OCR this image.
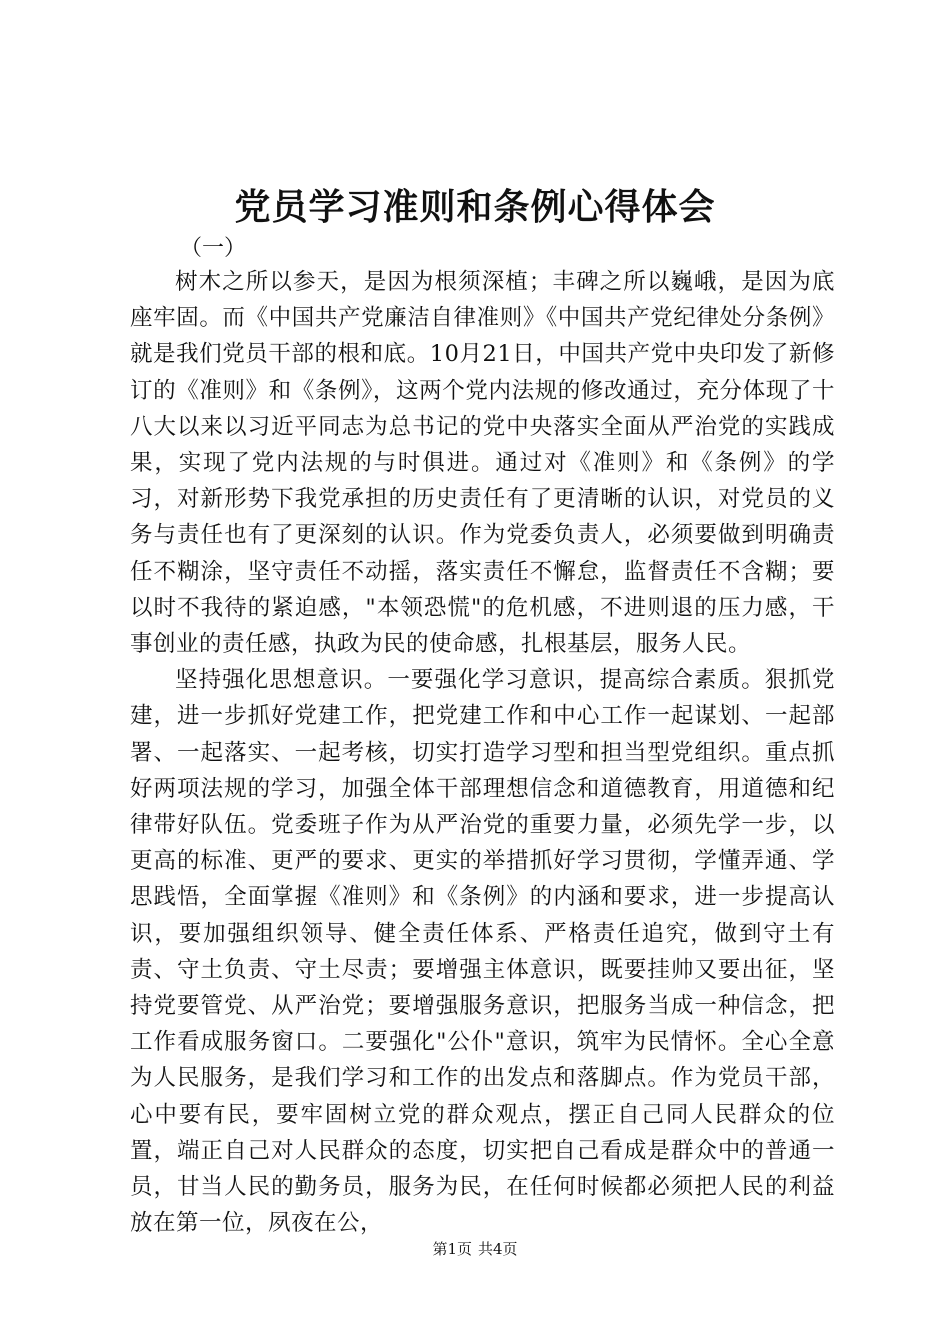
党员学习准则和条例心得体会

（一）

树木之所以参天，是因为根须深植；丰碑之所以巍峨，是因为底座牢固。而《中国共产党廉洁自律准则》《中国共产党纪律处分条例》就是我们党员干部的根和底。10月21日，中国共产党中央印发了新修订的《准则》和《条例》，这两个党内法规的修改通过，充分体现了十八大以来以习近平同志为总书记的党中央落实全面从严治党的实践成果，实现了党内法规的与时俱进。通过对《准则》和《条例》的学习，对新形势下我党承担的历史责任有了更清晰的认识，对党员的义务与责任也有了更深刻的认识。作为党委负责人，必须要做到明确责任不糊涂，坚守责任不动摇，落实责任不懈怠，监督责任不含糊；要以时不我待的紧迫感，"本领恐慌"的危机感，不进则退的压力感，干事创业的责任感，执政为民的使命感，扎根基层，服务人民。

坚持强化思想意识。一要强化学习意识，提高综合素质。狠抓党建，进一步抓好党建工作，把党建工作和中心工作一起谋划、一起部署、一起落实、一起考核，切实打造学习型和担当型党组织。重点抓好两项法规的学习，加强全体干部理想信念和道德教育，用道德和纪律带好队伍。党委班子作为从严治党的重要力量，必须先学一步，以更高的标准、更严的要求、更实的举措抓好学习贯彻，学懂弄通、学思践悟，全面掌握《准则》和《条例》的内涵和要求，进一步提高认识，要加强组织领导、健全责任体系、严格责任追究，做到守土有责、守土负责、守土尽责；要增强主体意识，既要挂帅又要出征，坚持党要管党、从严治党；要增强服务意识，把服务当成一种信念，把工作看成服务窗口。二要强化"公仆"意识，筑牢为民情怀。全心全意为人民服务，是我们学习和工作的出发点和落脚点。作为党员干部，心中要有民，要牢固树立党的群众观点，摆正自己同人民群众的位置，端正自己对人民群众的态度，切实把自己看成是群众中的普通一员，甘当人民的勤务员，服务为民，在任何时候都必须把人民的利益放在第一位，夙夜在公，

第1页 共4页
